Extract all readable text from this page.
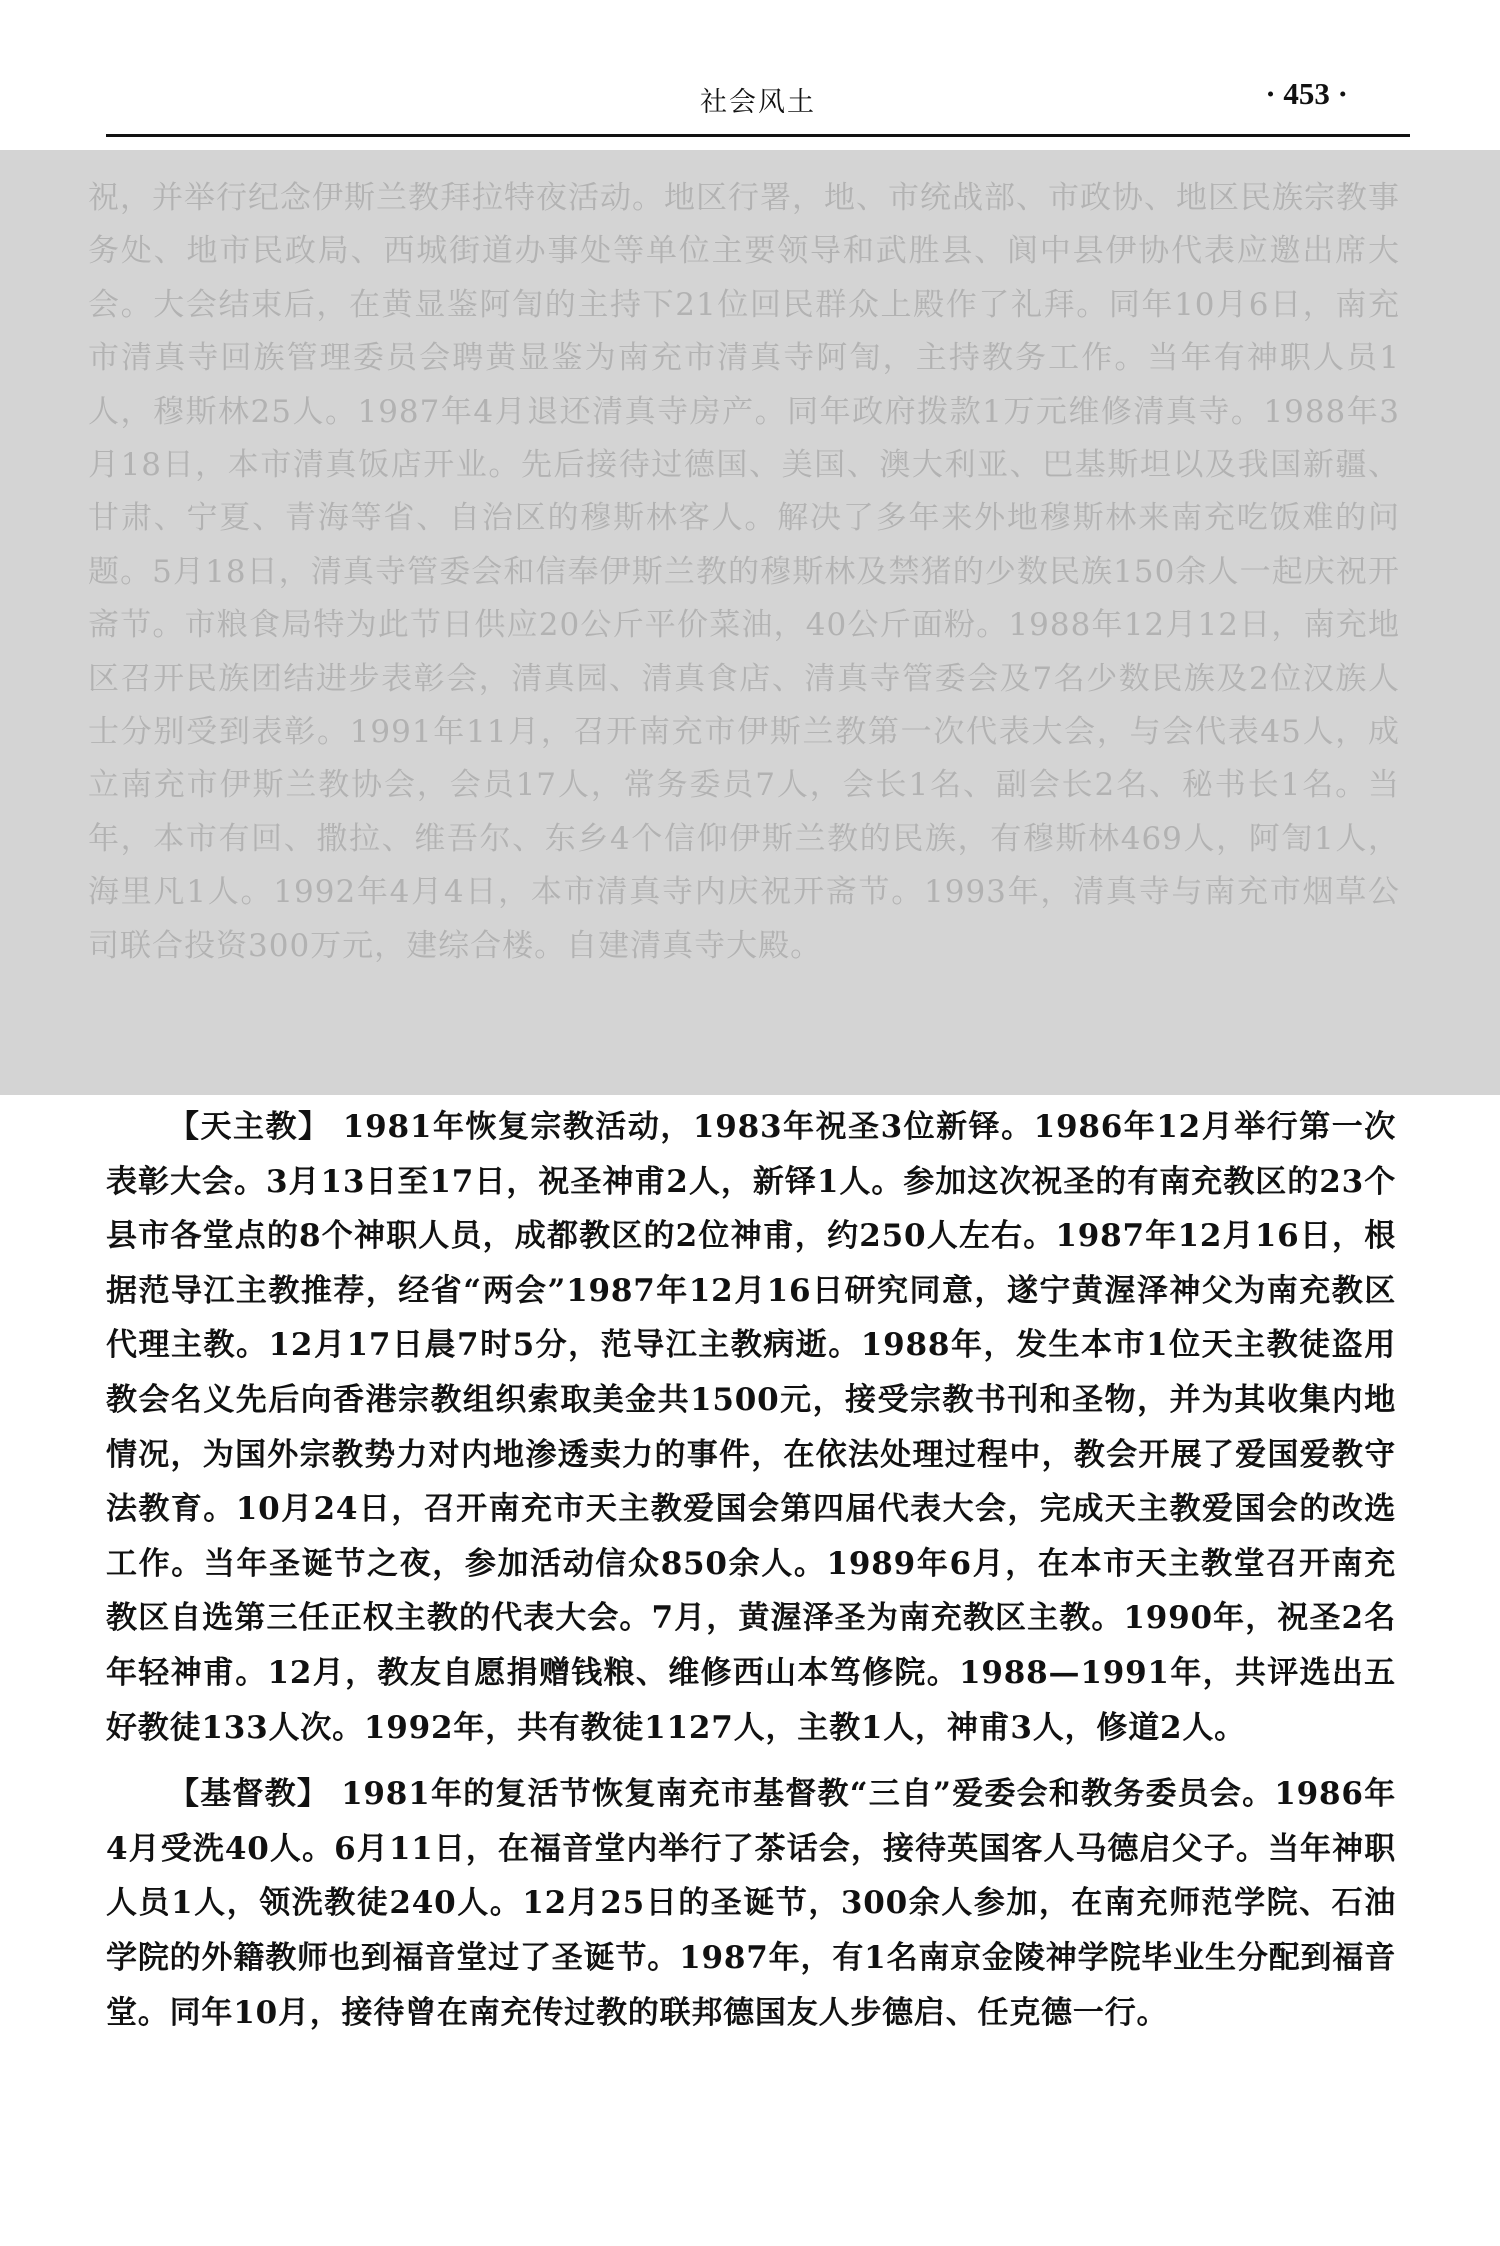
社会风土	· 453 ·
祝，并举行纪念伊斯兰教拜拉特夜活动。地区行署，地、市统战部、市政协、地区民族宗教事务处、地市民政局、西城街道办事处等单位主要领导和武胜县、阆中县伊协代表应邀出席大会。大会结束后，在黄显鉴阿訇的主持下21位回民群众上殿作了礼拜。同年10月6日，南充市清真寺回族管理委员会聘黄显鉴为南充市清真寺阿訇，主持教务工作。当年有神职人员1人，穆斯林25人。1987年4月退还清真寺房产。同年政府拨款1万元维修清真寺。1988年3月18日，本市清真饭店开业。先后接待过德国、美国、澳大利亚、巴基斯坦以及我国新疆、甘肃、宁夏、青海等省、自治区的穆斯林客人。解决了多年来外地穆斯林来南充吃饭难的问题。5月18日，清真寺管委会和信奉伊斯兰教的穆斯林及禁猪的少数民族150余人一起庆祝开斋节。市粮食局特为此节日供应20公斤平价菜油，40公斤面粉。1988年12月12日，南充地区召开民族团结进步表彰会，清真园、清真食店、清真寺管委会及7名少数民族及2位汉族人士分别受到表彰。1991年11月，召开南充市伊斯兰教第一次代表大会，与会代表45人，成立南充市伊斯兰教协会，会员17人，常务委员7人，会长1名、副会长2名、秘书长1名。当年，本市有回、撒拉、维吾尔、东乡4个信仰伊斯兰教的民族，有穆斯林469人，阿訇1人，海里凡1人。1992年4月4日，本市清真寺内庆祝开斋节。1993年，清真寺与南充市烟草公司联合投资300万元，建综合楼。自建清真寺大殿。

【天主教】 1981年恢复宗教活动，1983年祝圣3位新铎。1986年12月举行第一次表彰大会。3月13日至17日，祝圣神甫2人，新铎1人。参加这次祝圣的有南充教区的23个县市各堂点的8个神职人员，成都教区的2位神甫，约250人左右。1987年12月16日，根据范导江主教推荐，经省“两会”1987年12月16日研究同意，遂宁黄渥泽神父为南充教区代理主教。12月17日晨7时5分，范导江主教病逝。1988年，发生本市1位天主教徒盗用教会名义先后向香港宗教组织索取美金共1500元，接受宗教书刊和圣物，并为其收集内地情况，为国外宗教势力对内地渗透卖力的事件，在依法处理过程中，教会开展了爱国爱教守法教育。10月24日，召开南充市天主教爱国会第四届代表大会，完成天主教爱国会的改选工作。当年圣诞节之夜，参加活动信众850余人。1989年6月，在本市天主教堂召开南充教区自选第三任正权主教的代表大会。7月，黄渥泽圣为南充教区主教。1990年，祝圣2名年轻神甫。12月，教友自愿捐赠钱粮、维修西山本笃修院。1988—1991年，共评选出五好教徒133人次。1992年，共有教徒1127人，主教1人，神甫3人，修道2人。

【基督教】 1981年的复活节恢复南充市基督教“三自”爱委会和教务委员会。1986年4月受洗40人。6月11日，在福音堂内举行了茶话会，接待英国客人马德启父子。当年神职人员1人，领洗教徒240人。12月25日的圣诞节，300余人参加，在南充师范学院、石油学院的外籍教师也到福音堂过了圣诞节。1987年，有1名南京金陵神学院毕业生分配到福音堂。同年10月，接待曾在南充传过教的联邦德国友人步德启、任克德一行。
